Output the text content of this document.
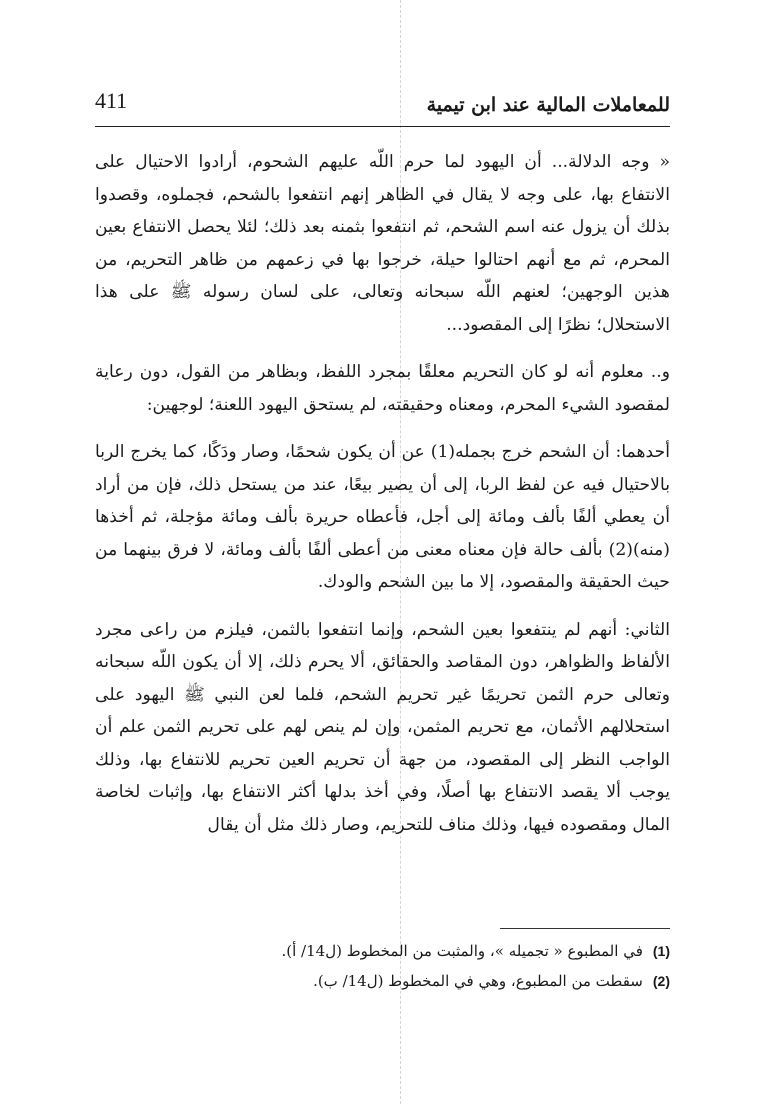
للمعاملات المالية عند ابن تيمية
411

« وجه الدلالة... أن اليهود لما حرم اللّه عليهم الشحوم، أرادوا الاحتيال على الانتفاع بها، على وجه لا يقال في الظاهر إنهم انتفعوا بالشحم، فجملوه، وقصدوا بذلك أن يزول عنه اسم الشحم، ثم انتفعوا بثمنه بعد ذلك؛ لئلا يحصل الانتفاع بعين المحرم، ثم مع أنهم احتالوا حيلة، خرجوا بها في زعمهم من ظاهر التحريم، من هذين الوجهين؛ لعنهم اللّه سبحانه وتعالى، على لسان رسوله ﷺ على هذا الاستحلال؛ نظرًا إلى المقصود...

و.. معلوم أنه لو كان التحريم معلقًا بمجرد اللفظ، وبظاهر من القول، دون رعاية لمقصود الشيء المحرم، ومعناه وحقيقته، لم يستحق اليهود اللعنة؛ لوجهين:

أحدهما: أن الشحم خرج بجمله(1) عن أن يكون شحمًا، وصار ودَكًا، كما يخرج الربا بالاحتيال فيه عن لفظ الربا، إلى أن يصير بيعًا، عند من يستحل ذلك، فإن من أراد أن يعطي ألفًا بألف ومائة إلى أجل، فأعطاه حريرة بألف ومائة مؤجلة، ثم أخذها (منه)(2) بألف حالة فإن معناه معنى من أعطى ألفًا بألف ومائة، لا فرق بينهما من حيث الحقيقة والمقصود، إلا ما بين الشحم والودك.

الثاني: أنهم لم ينتفعوا بعين الشحم، وإنما انتفعوا بالثمن، فيلزم من راعى مجرد الألفاظ والظواهر، دون المقاصد والحقائق، ألا يحرم ذلك، إلا أن يكون اللّه سبحانه وتعالى حرم الثمن تحريمًا غير تحريم الشحم، فلما لعن النبي ﷺ اليهود على استحلالهم الأثمان، مع تحريم المثمن، وإن لم ينص لهم على تحريم الثمن علم أن الواجب النظر إلى المقصود، من جهة أن تحريم العين تحريم للانتفاع بها، وذلك يوجب ألا يقصد الانتفاع بها أصلًا، وفي أخذ بدلها أكثر الانتفاع بها، وإثبات لخاصة المال ومقصوده فيها، وذلك مناف للتحريم، وصار ذلك مثل أن يقال

(1)
في المطبوع « تجميله »، والمثبت من المخطوط (ل14/ أ).
(2)
سقطت من المطبوع، وهي في المخطوط (ل14/ ب).
